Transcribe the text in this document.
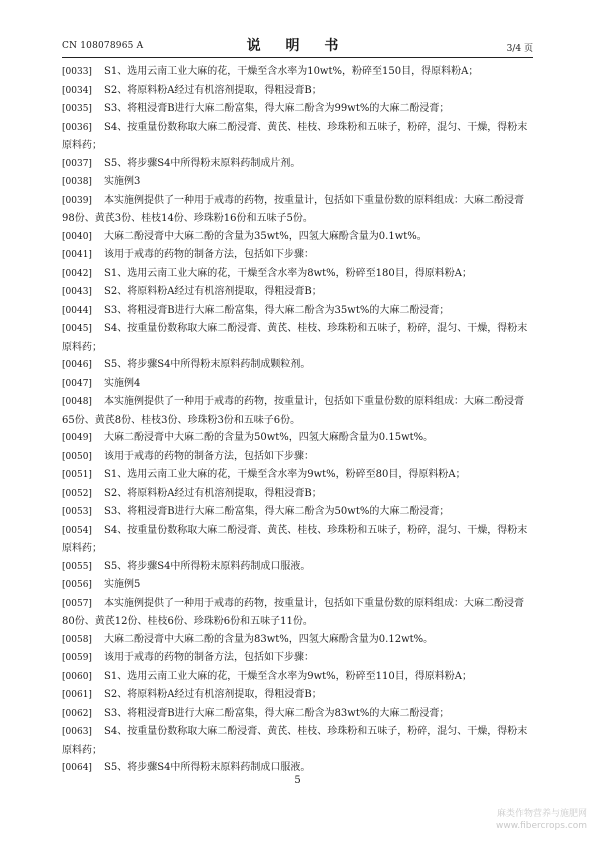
CN 108078965 A	说 明 书	3/4 页

[0033] S1、选用云南工业大麻的花，干燥至含水率为10wt%，粉碎至150目，得原料粉A；

[0034] S2、将原料粉A经过有机溶剂提取，得粗浸膏B；

[0035] S3、将粗浸膏B进行大麻二酚富集，得大麻二酚含为99wt%的大麻二酚浸膏；

[0036] S4、按重量份数称取大麻二酚浸膏、黄芪、桂枝、珍珠粉和五味子，粉碎，混匀、干燥，得粉末原料药；

[0037] S5、将步骤S4中所得粉末原料药制成片剂。

[0038] 实施例3

[0039] 本实施例提供了一种用于戒毒的药物，按重量计，包括如下重量份数的原料组成：大麻二酚浸膏98份、黄芪3份、桂枝14份、珍珠粉16份和五味子5份。

[0040] 大麻二酚浸膏中大麻二酚的含量为35wt%，四氢大麻酚含量为0.1wt%。

[0041] 该用于戒毒的药物的制备方法，包括如下步骤：

[0042] S1、选用云南工业大麻的花，干燥至含水率为8wt%，粉碎至180目，得原料粉A；

[0043] S2、将原料粉A经过有机溶剂提取，得粗浸膏B；

[0044] S3、将粗浸膏B进行大麻二酚富集，得大麻二酚含为35wt%的大麻二酚浸膏；

[0045] S4、按重量份数称取大麻二酚浸膏、黄芪、桂枝、珍珠粉和五味子，粉碎，混匀、干燥，得粉末原料药；

[0046] S5、将步骤S4中所得粉末原料药制成颗粒剂。

[0047] 实施例4

[0048] 本实施例提供了一种用于戒毒的药物，按重量计，包括如下重量份数的原料组成：大麻二酚浸膏65份、黄芪8份、桂枝3份、珍珠粉3份和五味子6份。

[0049] 大麻二酚浸膏中大麻二酚的含量为50wt%，四氢大麻酚含量为0.15wt%。

[0050] 该用于戒毒的药物的制备方法，包括如下步骤：

[0051] S1、选用云南工业大麻的花，干燥至含水率为9wt%，粉碎至80目，得原料粉A；

[0052] S2、将原料粉A经过有机溶剂提取，得粗浸膏B；

[0053] S3、将粗浸膏B进行大麻二酚富集，得大麻二酚含为50wt%的大麻二酚浸膏；

[0054] S4、按重量份数称取大麻二酚浸膏、黄芪、桂枝、珍珠粉和五味子，粉碎，混匀、干燥，得粉末原料药；

[0055] S5、将步骤S4中所得粉末原料药制成口服液。

[0056] 实施例5

[0057] 本实施例提供了一种用于戒毒的药物，按重量计，包括如下重量份数的原料组成：大麻二酚浸膏80份、黄芪12份、桂枝6份、珍珠粉6份和五味子11份。

[0058] 大麻二酚浸膏中大麻二酚的含量为83wt%，四氢大麻酚含量为0.12wt%。

[0059] 该用于戒毒的药物的制备方法，包括如下步骤：

[0060] S1、选用云南工业大麻的花，干燥至含水率为9wt%，粉碎至110目，得原料粉A；

[0061] S2、将原料粉A经过有机溶剂提取，得粗浸膏B；

[0062] S3、将粗浸膏B进行大麻二酚富集，得大麻二酚含为83wt%的大麻二酚浸膏；

[0063] S4、按重量份数称取大麻二酚浸膏、黄芪、桂枝、珍珠粉和五味子，粉碎，混匀、干燥，得粉末原料药；

[0064] S5、将步骤S4中所得粉末原料药制成口服液。

5
麻类作物营养与施肥网
www.fibercrops.com
